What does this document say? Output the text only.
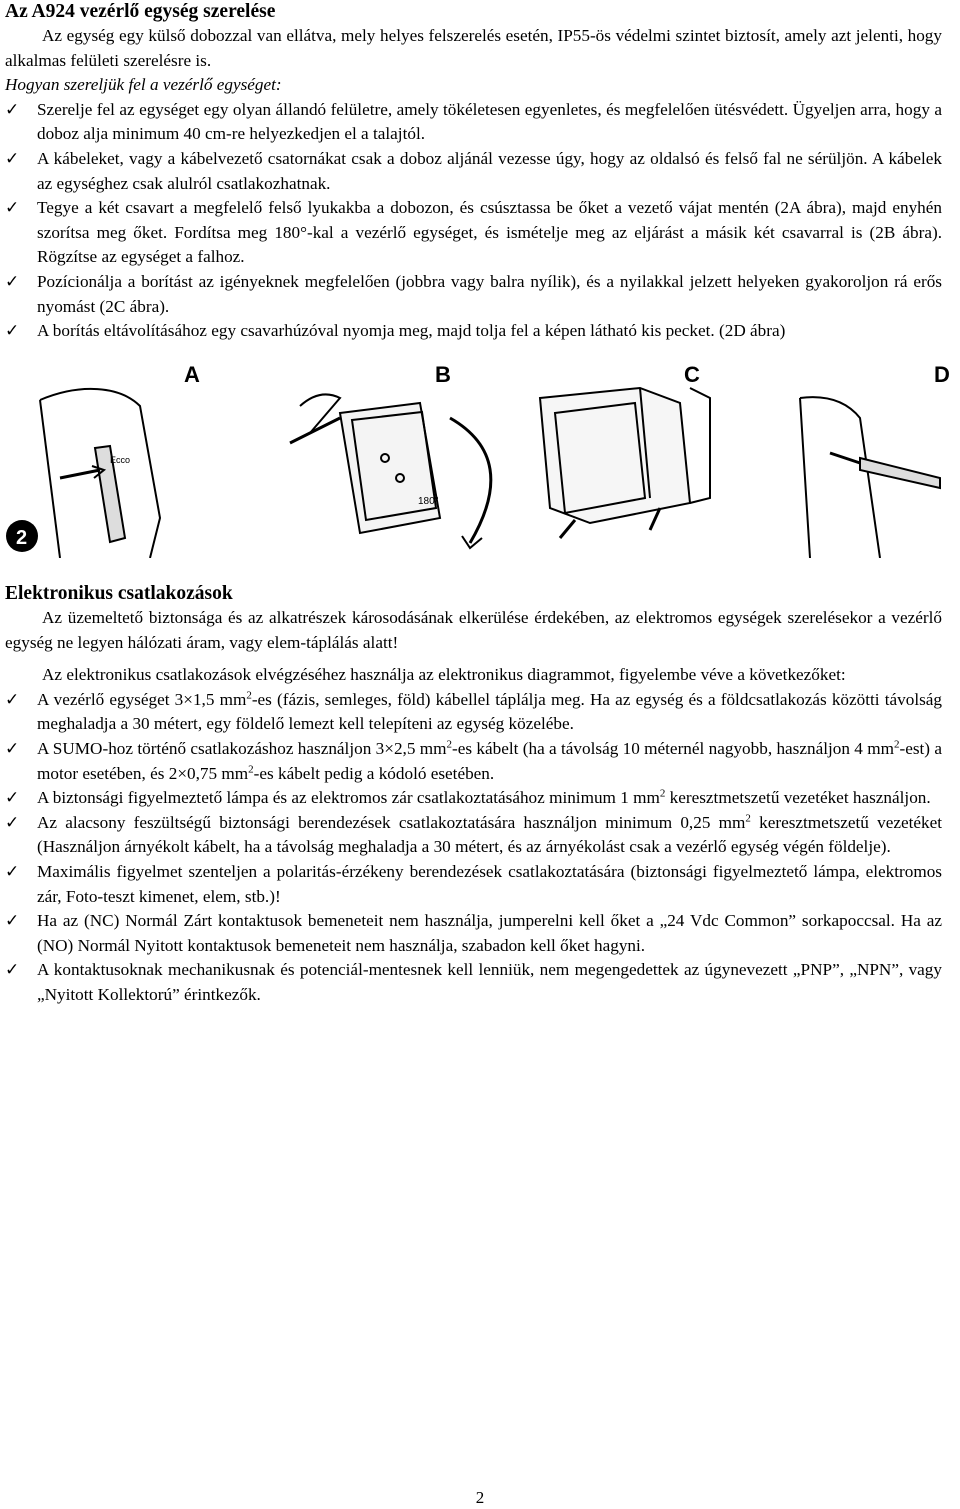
Az A924 vezérlő egység szerelése

Az egység egy külső dobozzal van ellátva, mely helyes felszerelés esetén, IP55-ös védelmi szintet biztosít, amely azt jelenti, hogy alkalmas felületi szerelésre is.

Hogyan szereljük fel a vezérlő egységet:

✓	Szerelje fel az egységet egy olyan állandó felületre, amely tökéletesen egyenletes, és megfelelően ütésvédett. Ügyeljen arra, hogy a doboz alja minimum 40 cm-re helyezkedjen el a talajtól.
✓	A kábeleket, vagy a kábelvezető csatornákat csak a doboz aljánál vezesse úgy, hogy az oldalsó és felső fal ne sérüljön. A kábelek az egységhez csak alulról csatlakozhatnak.
✓	Tegye a két csavart a megfelelő felső lyukakba a dobozon, és csúsztassa be őket a vezető vájat mentén (2A ábra), majd enyhén szorítsa meg őket. Fordítsa meg 180°-kal a vezérlő egységet, és ismételje meg az eljárást a másik két csavarral is (2B ábra). Rögzítse az egységet a falhoz.
✓	Pozícionálja a borítást az igényeknek megfelelően (jobbra vagy balra nyílik), és a nyilakkal jelzett helyeken gyakoroljon rá erős nyomást (2C ábra).
✓	A borítás eltávolításához egy csavarhúzóval nyomja meg, majd tolja fel a képen látható kis pecket. (2D ábra)
A	B	C	D
Ecco
2
180°
Elektronikus csatlakozások

Az üzemeltető biztonsága és az alkatrészek károsodásának elkerülése érdekében, az elektromos egységek szerelésekor a vezérlő egység ne legyen hálózati áram, vagy elem-táplálás alatt!

Az elektronikus csatlakozások elvégzéséhez használja az elektronikus diagrammot, figyelembe véve a következőket:

✓	A vezérlő egységet 3×1,5 $mm^2-es$ (fázis, semleges, föld) kábellel táplálja meg. Ha az egység és a földcsatlakozás közötti távolság meghaladja a 30 métert, egy földelő lemezt kell telepíteni az egység közelébe.
✓	A SUMO-hoz történő csatlakozáshoz használjon 3×2,5 $mm^2-es$ kábelt (ha a távolság 10 méternél nagyobb, használjon 4 $mm^2-est$) a motor esetében, és 2×0,75 $mm^2-es$ kábelt pedig a kódoló esetében.
✓	A biztonsági figyelmeztető lámpa és az elektromos zár csatlakoztatásához minimum 1 $mm^2$ keresztmetszetű vezetéket használjon.
✓	Az alacsony feszültségű biztonsági berendezések csatlakoztatására használjon minimum 0,25 $mm^2$ keresztmetszetű vezetéket (Használjon árnyékolt kábelt, ha a távolság meghaladja a 30 métert, és az árnyékolást csak a vezérlő egység végén földelje).
✓	Maximális figyelmet szenteljen a polaritás-érzékeny berendezések csatlakoztatására (biztonsági figyelmeztető lámpa, elektromos zár, Foto-teszt kimenet, elem, stb.)!
✓	Ha az (NC) Normál Zárt kontaktusok bemeneteit nem használja, jumperelni kell őket a „24 Vdc Common” sorkapoccsal. Ha az (NO) Normál Nyitott kontaktusok bemeneteit nem használja, szabadon kell őket hagyni.
✓	A kontaktusoknak mechanikusnak és potenciál-mentesnek kell lenniük, nem megengedettek az úgynevezett „PNP”, „NPN”, vagy „Nyitott Kollektorú” érintkezők.
2
